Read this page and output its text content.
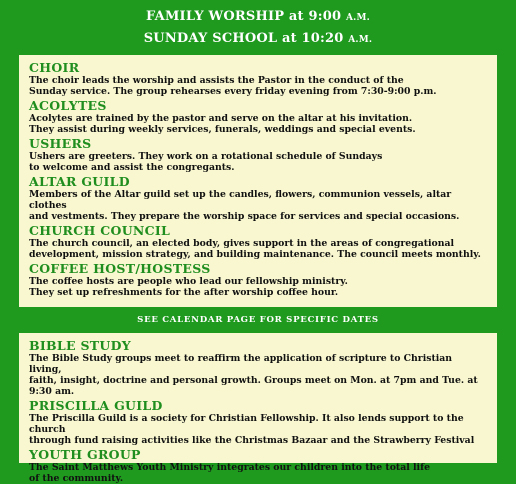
FAMILY WORSHIP at 9:00 A.M.
SUNDAY SCHOOL at 10:20 A.M.

CHOIR

The choir leads the worship and assists the Pastor in the conduct of the
Sunday service. The group rehearses every friday evening from 7:30-9:00 p.m.

ACOLYTES

Acolytes are trained by the pastor and serve on the altar at his invitation.
They assist during weekly services, funerals, weddings and special events.

USHERS

Ushers are greeters. They work on a rotational schedule of Sundays
to welcome and assist the congregants.

ALTAR GUILD

Members of the Altar guild set up the candles, flowers, communion vessels, altar clothes
and vestments. They prepare the worship space for services and special occasions.

CHURCH COUNCIL

The church council, an elected body, gives support in the areas of congregational
development, mission strategy, and building maintenance. The council meets monthly.

COFFEE HOST/HOSTESS

The coffee hosts are people who lead our fellowship ministry.
They set up refreshments for the after worship coffee hour.

SEE CALENDAR PAGE FOR SPECIFIC DATES

BIBLE STUDY

The Bible Study groups meet to reaffirm the application of scripture to Christian living,
faith, insight, doctrine and personal growth. Groups meet on Mon. at 7pm and Tue. at 9:30 am.

PRISCILLA GUILD

The Priscilla Guild is a society for Christian Fellowship. It also lends support to the church
through fund raising activities like the Christmas Bazaar and the Strawberry Festival

YOUTH GROUP

The Saint Matthews Youth Ministry integrates our children into the total life
of the community.
